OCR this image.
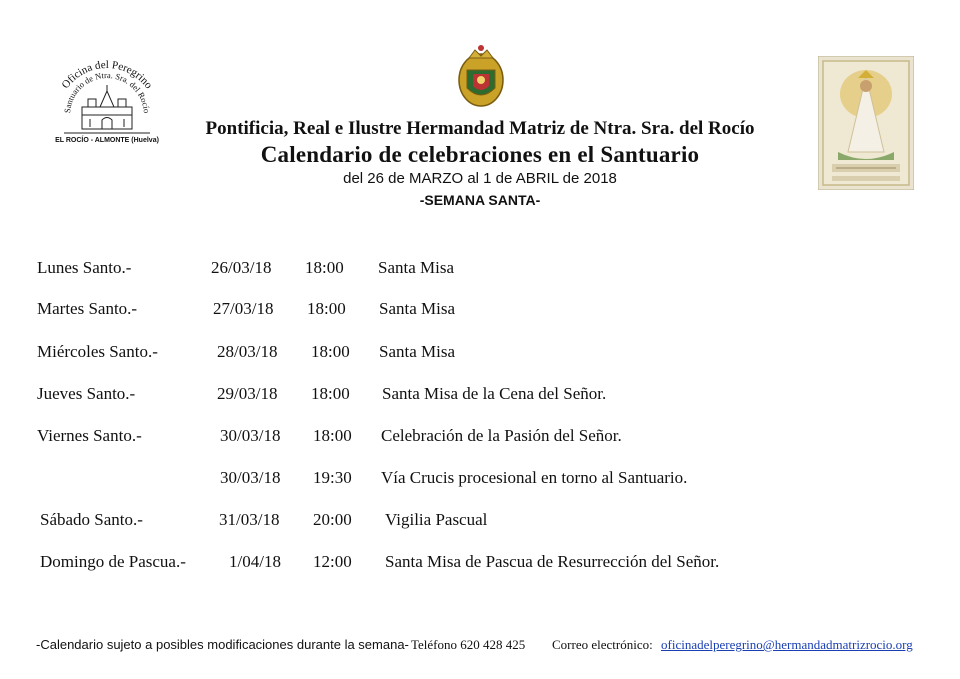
Oficina del Peregrino
Santuario de Ntra. Sra. del Rocío
EL ROCÍO - ALMONTE (Huelva)
Pontificia, Real e Ilustre Hermandad Matriz de Ntra. Sra. del Rocío
Calendario de celebraciones en el Santuario
del 26 de MARZO al 1 de ABRIL de 2018
-SEMANA SANTA-
Lunes Santo.-	26/03/18 18:00 Santa Misa
Martes Santo.-	27/03/18 18:00 Santa Misa
Miércoles Santo.-	28/03/18 18:00 Santa Misa
Jueves Santo.-	29/03/18 18:00 Santa Misa de la Cena del Señor.
Viernes Santo.-	30/03/18 18:00 Celebración de la Pasión del Señor.
30/03/18 19:30 Vía Crucis procesional en torno al Santuario.
Sábado Santo.-	31/03/18 20:00 Vigilia Pascual
Domingo de Pascua.-	1/04/18 12:00 Santa Misa de Pascua de Resurrección del Señor.
-Calendario sujeto a posibles modificaciones durante la semana- Teléfono 620 428 425 Correo electrónico: oficinadelperegrino@hermandadmatrizrocio.org
